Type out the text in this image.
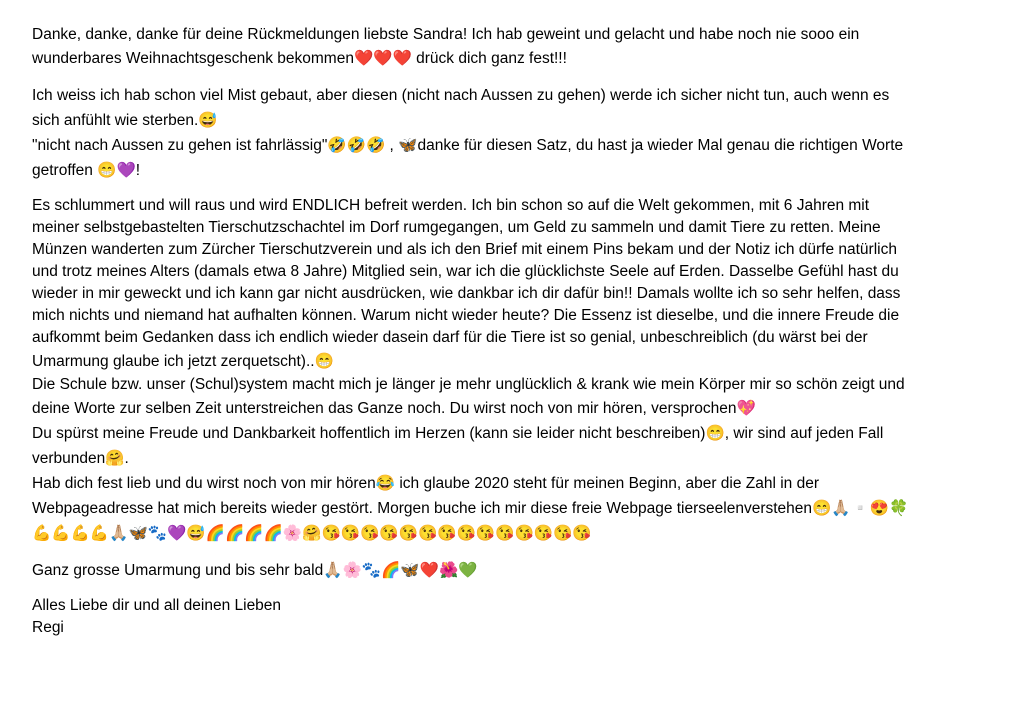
Danke, danke, danke für deine Rückmeldungen liebste Sandra! Ich hab geweint und gelacht und habe noch nie sooo ein
wunderbares Weihnachtsgeschenk bekommen❤️❤️❤️ drück dich ganz fest!!!
Ich weiss ich hab schon viel Mist gebaut, aber diesen (nicht nach Aussen zu gehen) werde ich sicher nicht tun, auch wenn es
sich anfühlt wie sterben.😅
"nicht nach Aussen zu gehen ist fahrlässig"🤣🤣🤣 , 🦋danke für diesen Satz, du hast ja wieder Mal genau die richtigen Worte
getroffen 😁💜!
Es schlummert und will raus und wird ENDLICH befreit werden. Ich bin schon so auf die Welt gekommen, mit 6 Jahren mit
meiner selbstgebastelten Tierschutzschachtel im Dorf rumgegangen, um Geld zu sammeln und damit Tiere zu retten. Meine
Münzen wanderten zum Zürcher Tierschutzverein und als ich den Brief mit einem Pins bekam und der Notiz ich dürfe natürlich
und trotz meines Alters (damals etwa 8 Jahre) Mitglied sein, war ich die glücklichste Seele auf Erden. Dasselbe Gefühl hast du
wieder in mir geweckt und ich kann gar nicht ausdrücken, wie dankbar ich dir dafür bin!! Damals wollte ich so sehr helfen, dass
mich nichts und niemand hat aufhalten können. Warum nicht wieder heute? Die Essenz ist dieselbe, und die innere Freude die
aufkommt beim Gedanken dass ich endlich wieder dasein darf für die Tiere ist so genial, unbeschreiblich (du wärst bei der
Umarmung glaube ich jetzt zerquetscht)..😁
Die Schule bzw. unser (Schul)system macht mich je länger je mehr unglücklich & krank wie mein Körper mir so schön zeigt und
deine Worte zur selben Zeit unterstreichen das Ganze noch. Du wirst noch von mir hören, versprochen💖
Du spürst meine Freude und Dankbarkeit hoffentlich im Herzen (kann sie leider nicht beschreiben)😁, wir sind auf jeden Fall
verbunden🤗.
Hab dich fest lieb und du wirst noch von mir hören😂 ich glaube 2020 steht für meinen Beginn, aber die Zahl in der
Webpageadresse hat mich bereits wieder gestört. Morgen buche ich mir diese freie Webpage tierseelenverstehen😁🙏🏼▫️😍🍀
💪💪💪💪🙏🏼🦋🐾💜😅🌈🌈🌈🌈🌸🤗😘😘😘😘😘😘😘😘😘😘😘😘😘😘
Ganz grosse Umarmung und bis sehr bald🙏🏼🌸🐾🌈🦋❤️🌺💚
Alles Liebe dir und all deinen Lieben
Regi
